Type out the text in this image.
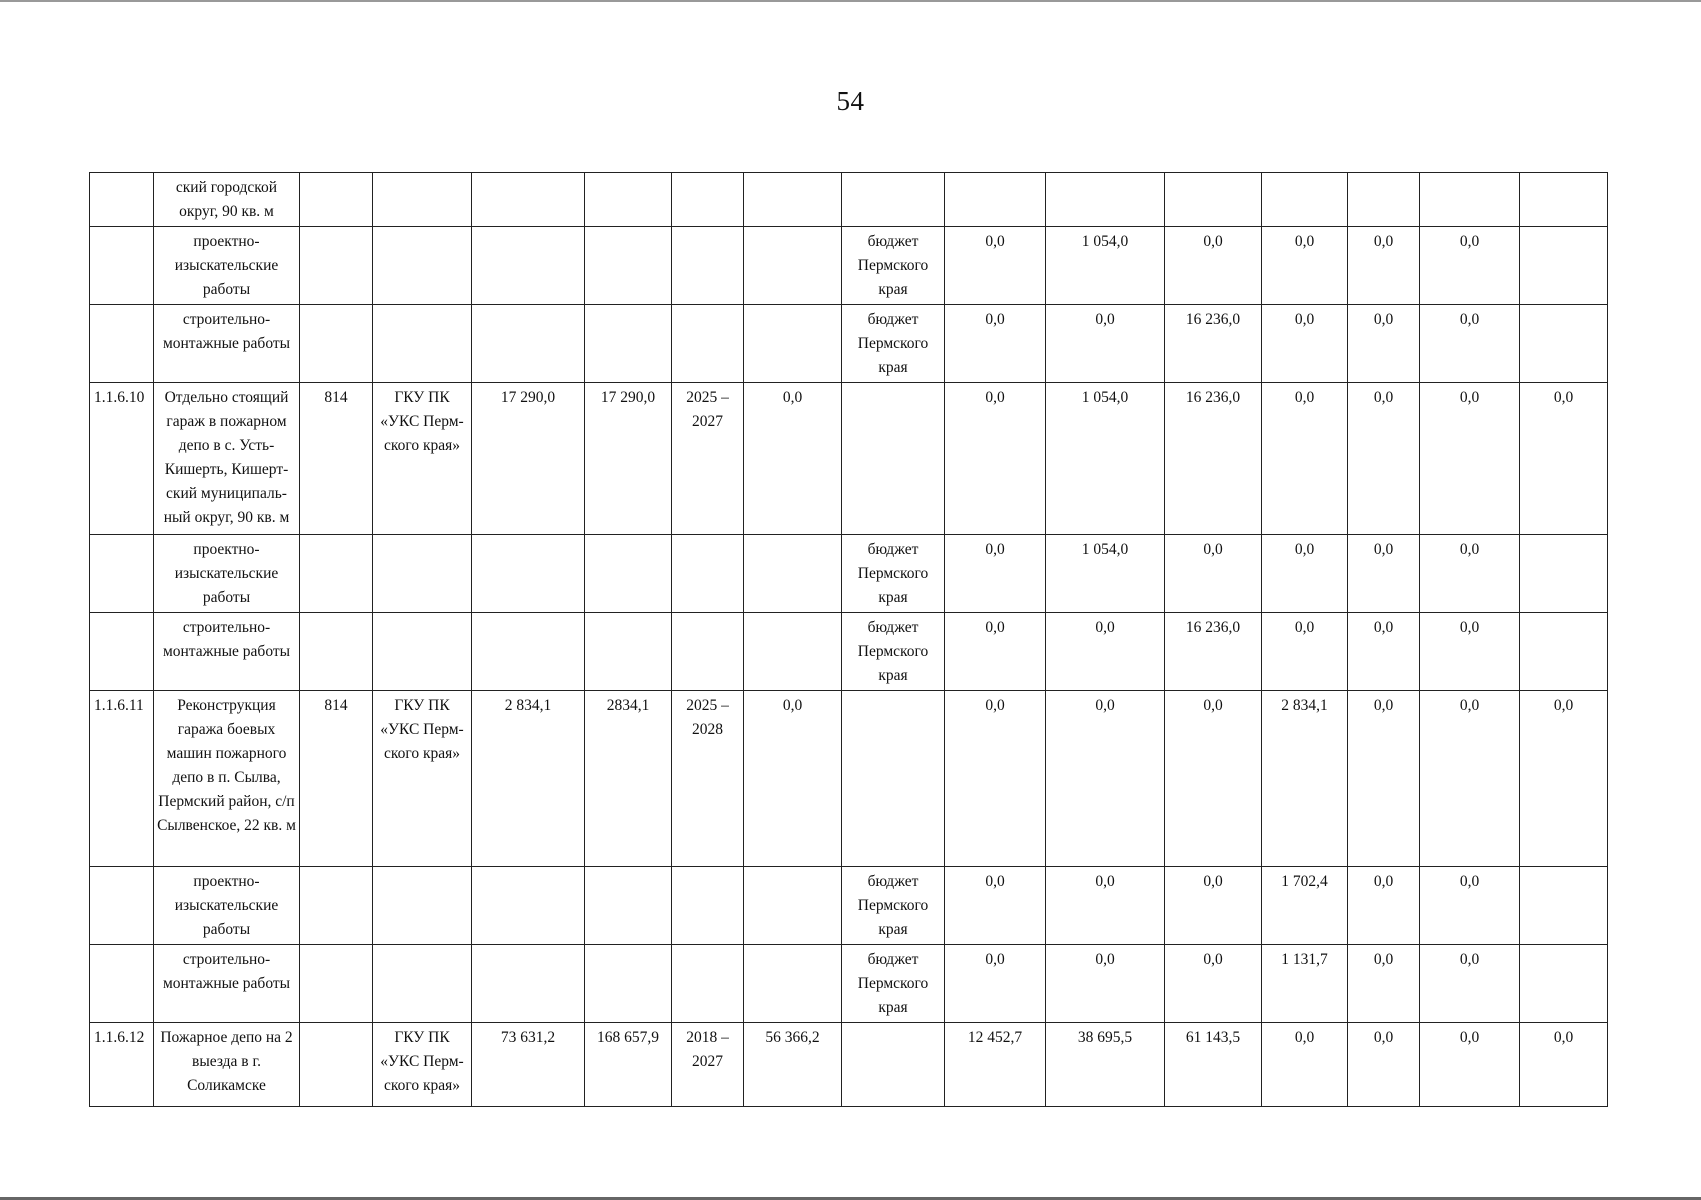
54
	ский городской округ, 90 кв. м														
	проектно-изыскательские работы							бюджет Пермского края	0,0	1 054,0	0,0	0,0	0,0	0,0	
	строительно-монтажные работы							бюджет Пермского края	0,0	0,0	16 236,0	0,0	0,0	0,0	
1.1.6.10	Отдельно стоящий гараж в пожарном депо в с. Усть-Кишерть, Кишерт-ский муниципаль-ный округ, 90 кв. м	814	ГКУ ПК «УКС Перм-ского края»	17 290,0	17 290,0	2025 – 2027	0,0		0,0	1 054,0	16 236,0	0,0	0,0	0,0	0,0
	проектно-изыскательские работы							бюджет Пермского края	0,0	1 054,0	0,0	0,0	0,0	0,0	
	строительно-монтажные работы							бюджет Пермского края	0,0	0,0	16 236,0	0,0	0,0	0,0	
1.1.6.11	Реконструкция гаража боевых машин пожарного депо в п. Сылва, Пермский район, с/п Сылвенское, 22 кв. м	814	ГКУ ПК «УКС Перм-ского края»	2 834,1	2834,1	2025 – 2028	0,0		0,0	0,0	0,0	2 834,1	0,0	0,0	0,0
	проектно-изыскательские работы							бюджет Пермского края	0,0	0,0	0,0	1 702,4	0,0	0,0	
	строительно-монтажные работы							бюджет Пермского края	0,0	0,0	0,0	1 131,7	0,0	0,0	
1.1.6.12	Пожарное депо на 2 выезда в г. Соликамске		ГКУ ПК «УКС Перм-ского края»	73 631,2	168 657,9	2018 – 2027	56 366,2		12 452,7	38 695,5	61 143,5	0,0	0,0	0,0	0,0
